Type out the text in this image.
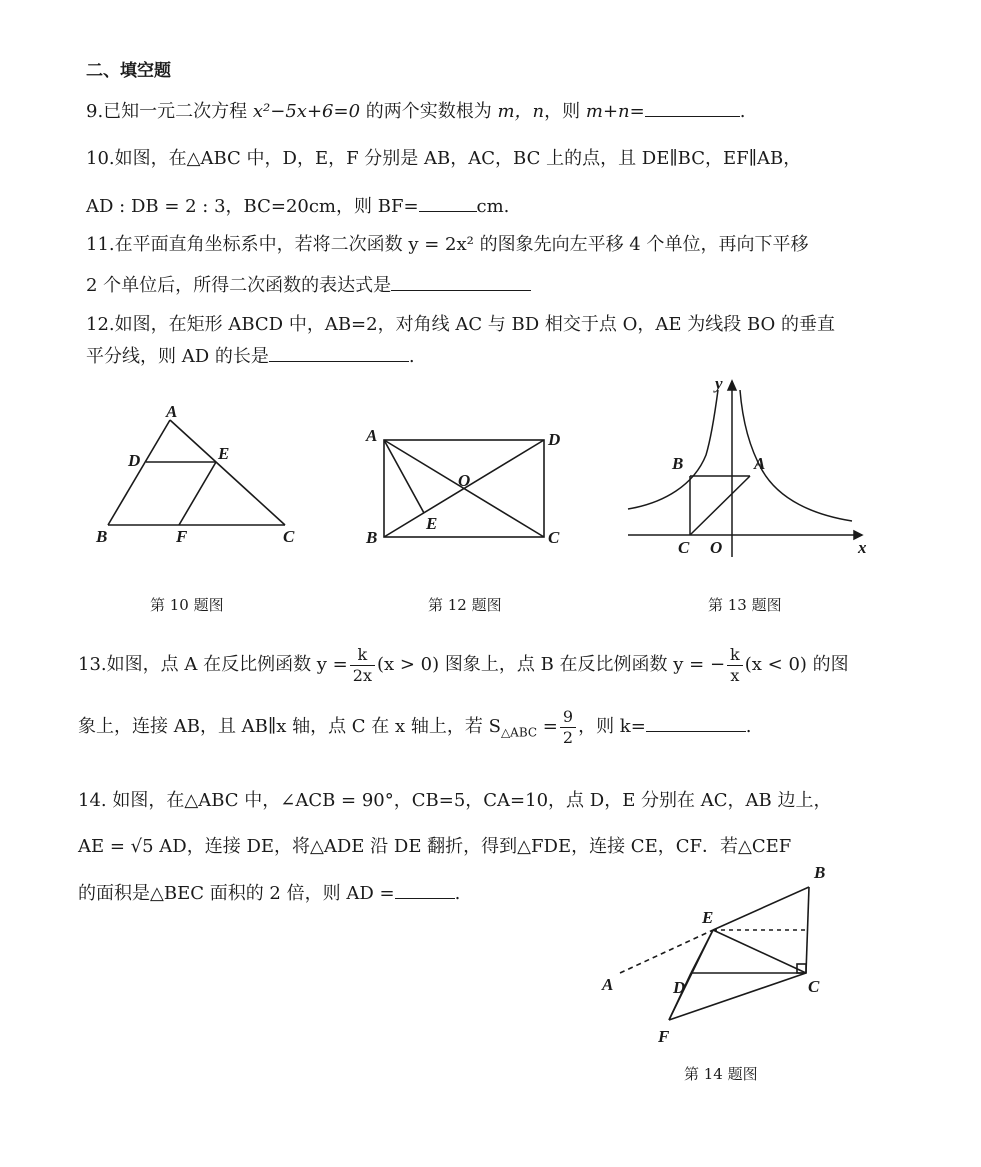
二、填空题
9.已知一元二次方程 x²−5x+6=0 的两个实数根为 m，n，则 m+n=	.
10.如图，在△ABC 中，D，E，F 分别是 AB，AC，BC 上的点，且 DE∥BC，EF∥AB，
AD : DB = 2 : 3，BC=20cm，则 BF=	cm.
11.在平面直角坐标系中，若将二次函数 y = 2x² 的图象先向左平移 4 个单位，再向下平移
2 个单位后，所得二次函数的表达式是
12.如图，在矩形 ABCD 中，AB=2，对角线 AC 与 BD 相交于点 O，AE 为线段 BO 的垂直
平分线，则 AD 的长是	.
A
D	E
B	F	C
第 10 题图
A	D
O
E
B	C
第 12 题图
y
x
B	A
C O
第 13 题图
13.如图，点 A 在反比例函数 $y = \frac{k}{2x} (x > 0)$ 图象上，点 B 在反比例函数 y = − $\frac{k}{x} (x < 0)$ 的图
象上，连接 AB，且 AB∥x 轴，点 C 在 x 轴上，若 $S_{\triangle ABC} = \frac{9}{2}$ ，则 k=	.
14. 如图，在△ABC 中，∠ACB = 90°，CB=5，CA=10，点 D，E 分别在 AC，AB 边上，
AE = √5 AD，连接 DE，将△ADE 沿 DE 翻折，得到△FDE，连接 CE，CF．若△CEF
的面积是△BEC 面积的 2 倍，则 AD =	.
B
E
A	D	C
F
第 14 题图
